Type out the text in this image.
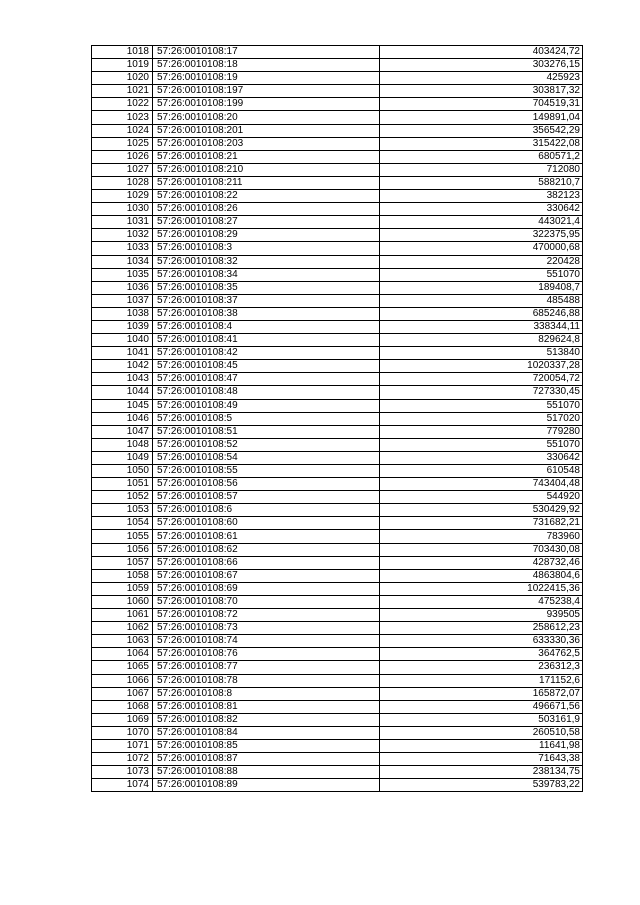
1018	57:26:0010108:17	403424,72
1019	57:26:0010108:18	303276,15
1020	57:26:0010108:19	425923
1021	57:26:0010108:197	303817,32
1022	57:26:0010108:199	704519,31
1023	57:26:0010108:20	149891,04
1024	57:26:0010108:201	356542,29
1025	57:26:0010108:203	315422,08
1026	57:26:0010108:21	680571,2
1027	57:26:0010108:210	712080
1028	57:26:0010108:211	588210,7
1029	57:26:0010108:22	382123
1030	57:26:0010108:26	330642
1031	57:26:0010108:27	443021,4
1032	57:26:0010108:29	322375,95
1033	57:26:0010108:3	470000,68
1034	57:26:0010108:32	220428
1035	57:26:0010108:34	551070
1036	57:26:0010108:35	189408,7
1037	57:26:0010108:37	485488
1038	57:26:0010108:38	685246,88
1039	57:26:0010108:4	338344,11
1040	57:26:0010108:41	829624,8
1041	57:26:0010108:42	513840
1042	57:26:0010108:45	1020337,28
1043	57:26:0010108:47	720054,72
1044	57:26:0010108:48	727330,45
1045	57:26:0010108:49	551070
1046	57:26:0010108:5	517020
1047	57:26:0010108:51	779280
1048	57:26:0010108:52	551070
1049	57:26:0010108:54	330642
1050	57:26:0010108:55	610548
1051	57:26:0010108:56	743404,48
1052	57:26:0010108:57	544920
1053	57:26:0010108:6	530429,92
1054	57:26:0010108:60	731682,21
1055	57:26:0010108:61	783960
1056	57:26:0010108:62	703430,08
1057	57:26:0010108:66	428732,46
1058	57:26:0010108:67	4863804,6
1059	57:26:0010108:69	1022415,36
1060	57:26:0010108:70	475238,4
1061	57:26:0010108:72	939505
1062	57:26:0010108:73	258612,23
1063	57:26:0010108:74	633330,36
1064	57:26:0010108:76	364762,5
1065	57:26:0010108:77	236312,3
1066	57:26:0010108:78	171152,6
1067	57:26:0010108:8	165872,07
1068	57:26:0010108:81	496671,56
1069	57:26:0010108:82	503161,9
1070	57:26:0010108:84	260510,58
1071	57:26:0010108:85	11641,98
1072	57:26:0010108:87	71643,38
1073	57:26:0010108:88	238134,75
1074	57:26:0010108:89	539783,22
